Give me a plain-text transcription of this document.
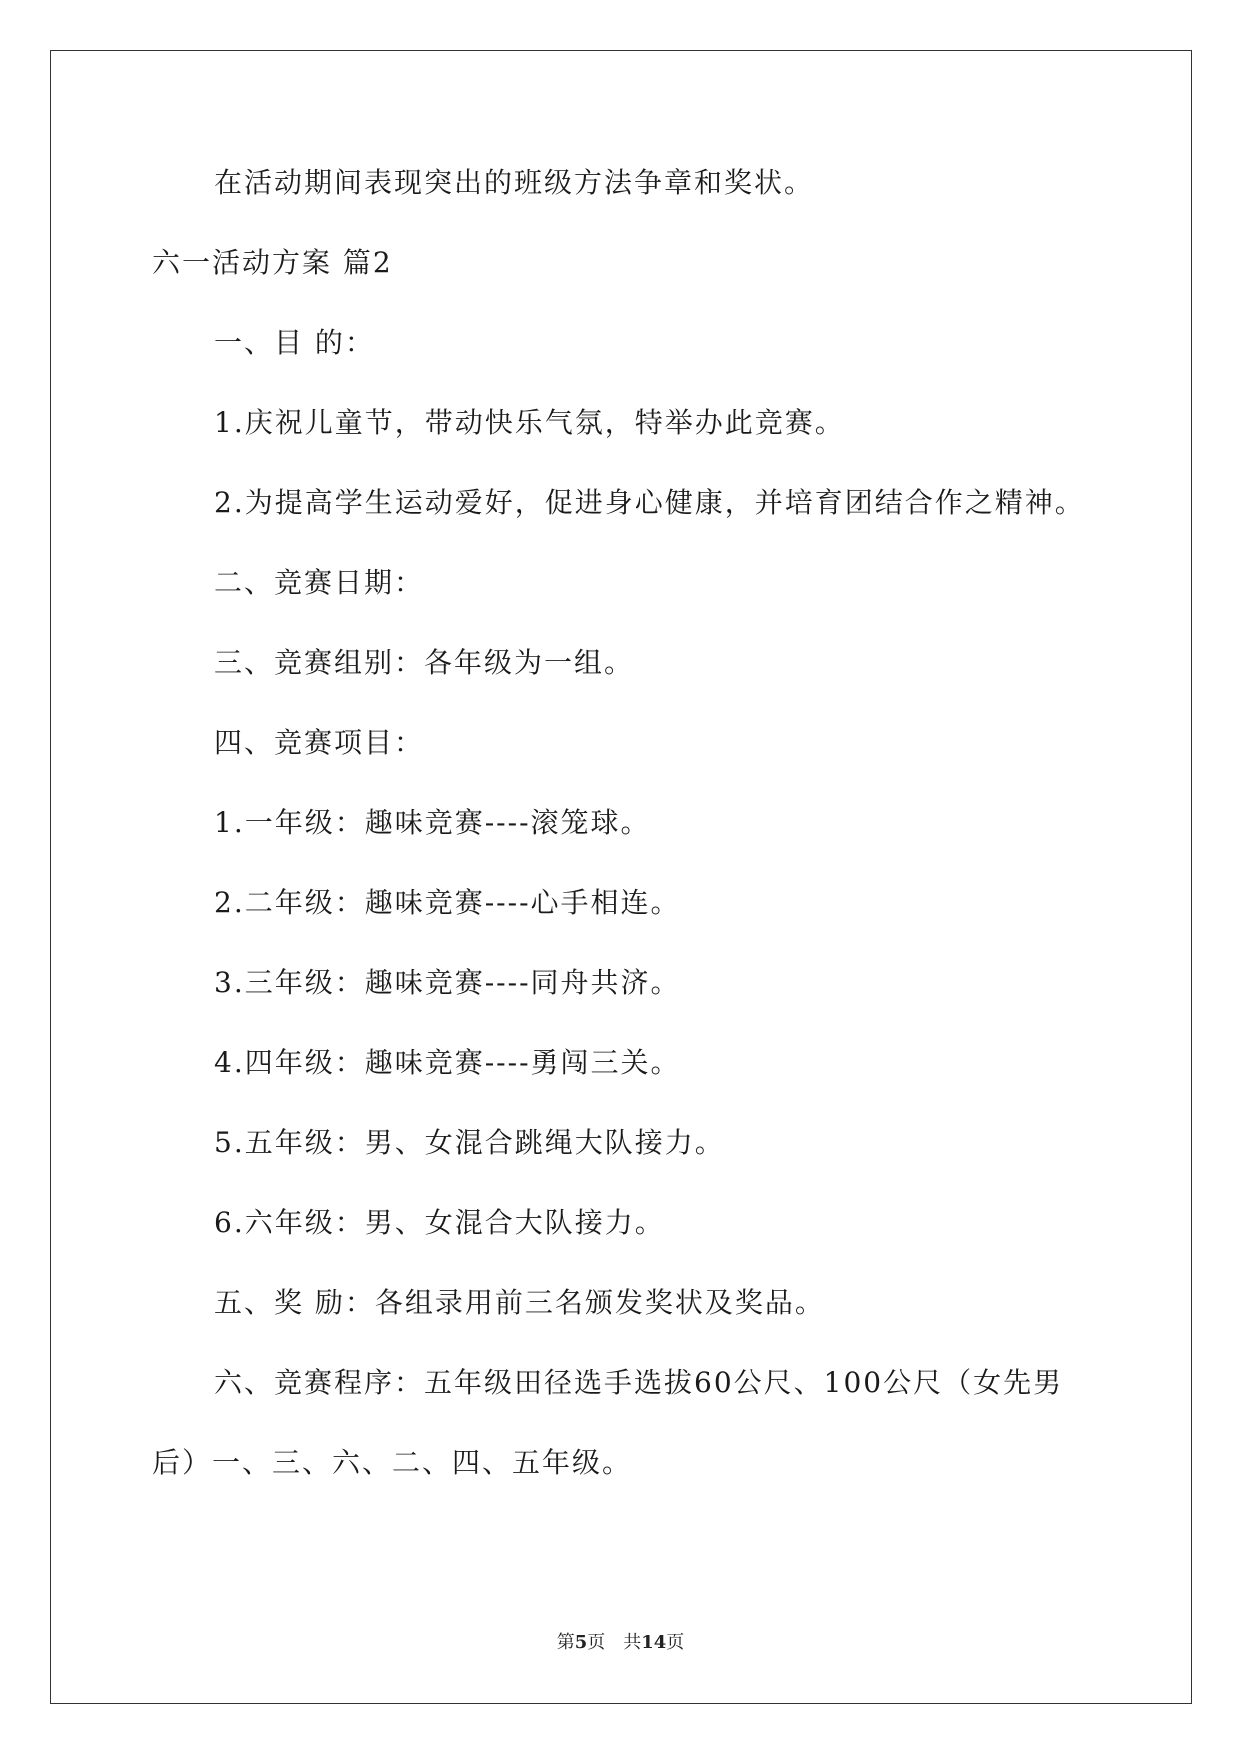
在活动期间表现突出的班级方法争章和奖状。
六一活动方案 篇2
一、目 的：
1.庆祝儿童节，带动快乐气氛，特举办此竞赛。
2.为提高学生运动爱好，促进身心健康，并培育团结合作之精神。
二、竞赛日期：
三、竞赛组别：各年级为一组。
四、竞赛项目：
1.一年级：趣味竞赛----滚笼球。
2.二年级：趣味竞赛----心手相连。
3.三年级：趣味竞赛----同舟共济。
4.四年级：趣味竞赛----勇闯三关。
5.五年级：男、女混合跳绳大队接力。
6.六年级：男、女混合大队接力。
五、奖 励：各组录用前三名颁发奖状及奖品。
六、竞赛程序：五年级田径选手选拔60公尺、100公尺（女先男
后）一、三、六、二、四、五年级。
第5页 共14页
